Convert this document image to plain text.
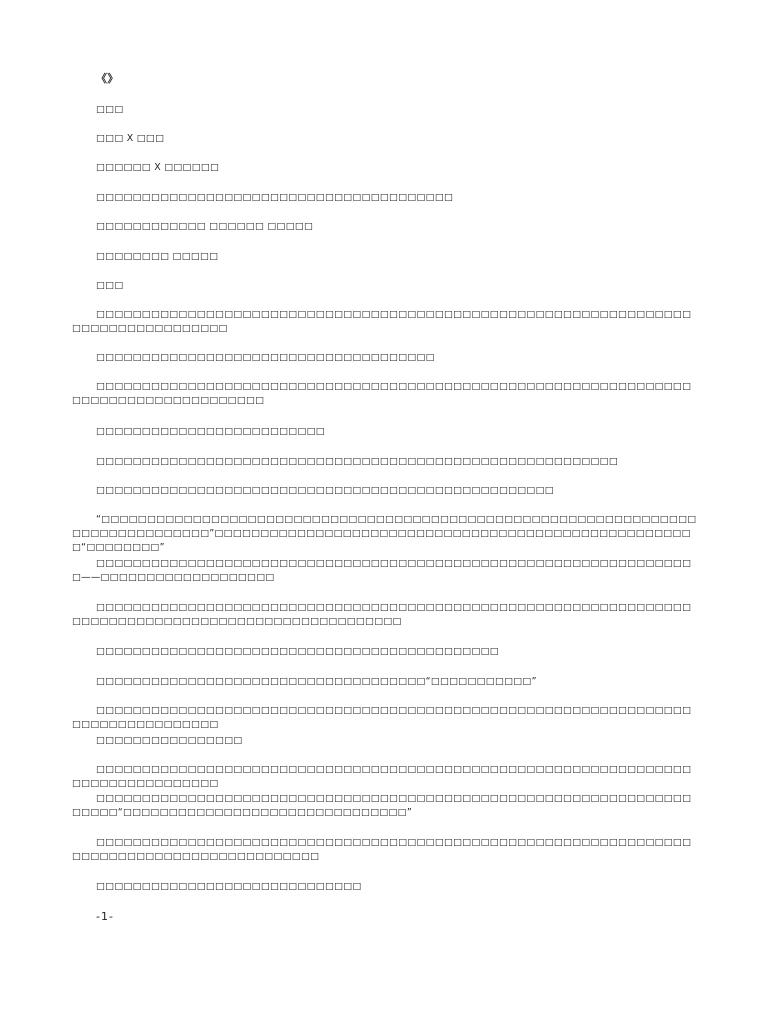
《》

□□□

□□□ X □□□

□□□□□□ X □□□□□□

□□□□□□□□□□□□□□□□□□□□□□□□□□□□□□□□□□□□□□□

□□□□□□□□□□□□ □□□□□□ □□□□□

□□□□□□□□ □□□□□

□□□

□□□□□□□□□□□□□□□□□□□□□□□□□□□□□□□□□□□□□□□□□□□□□□□□□□□□□□□□□□□□□□□□□□□□□□□□□□□□□□□□□□

□□□□□□□□□□□□□□□□□□□□□□□□□□□□□□□□□□□□□

□□□□□□□□□□□□□□□□□□□□□□□□□□□□□□□□□□□□□□□□□□□□□□□□□□□□□□□□□□□□□□□□□□□□□□□□□□□□□□□□□□□□□□

□□□□□□□□□□□□□□□□□□□□□□□□□

□□□□□□□□□□□□□□□□□□□□□□□□□□□□□□□□□□□□□□□□□□□□□□□□□□□□□□□□□

□□□□□□□□□□□□□□□□□□□□□□□□□□□□□□□□□□□□□□□□□□□□□□□□□□

“□□□□□□□□□□□□□□□□□□□□□□□□□□□□□□□□□□□□□□□□□□□□□□□□□□□□□□□□□□□□□□□□□□□□□□□□□□□□□□□□”□□□□□□□□□□□□□□□□□□□□□□□□□□□□□□□□□□□□□□□□□□□□□□□□□□□□□“□□□□□□□□”

□□□□□□□□□□□□□□□□□□□□□□□□□□□□□□□□□□□□□□□□□□□□□□□□□□□□□□□□□□□□□□□□□□——□□□□□□□□□□□□□□□□□□□

□□□□□□□□□□□□□□□□□□□□□□□□□□□□□□□□□□□□□□□□□□□□□□□□□□□□□□□□□□□□□□□□□□□□□□□□□□□□□□□□□□□□□□□□□□□□□□□□□□□□□

□□□□□□□□□□□□□□□□□□□□□□□□□□□□□□□□□□□□□□□□□□□□

□□□□□□□□□□□□□□□□□□□□□□□□□□□□□□□□□□□□“□□□□□□□□□□□”

□□□□□□□□□□□□□□□□□□□□□□□□□□□□□□□□□□□□□□□□□□□□□□□□□□□□□□□□□□□□□□□□□□□□□□□□□□□□□□□□□

□□□□□□□□□□□□□□□□

□□□□□□□□□□□□□□□□□□□□□□□□□□□□□□□□□□□□□□□□□□□□□□□□□□□□□□□□□□□□□□□□□□□□□□□□□□□□□□□□□

□□□□□□□□□□□□□□□□□□□□□□□□□□□□□□□□□□□□□□□□□□□□□□□□□□□□□□□□□□□□□□□□□□□□□□“□□□□□□□□□□□□□□□□□□□□□□□□□□□□□□□”

□□□□□□□□□□□□□□□□□□□□□□□□□□□□□□□□□□□□□□□□□□□□□□□□□□□□□□□□□□□□□□□□□□□□□□□□□□□□□□□□□□□□□□□□□□□□

□□□□□□□□□□□□□□□□□□□□□□□□□□□□□

-1-
